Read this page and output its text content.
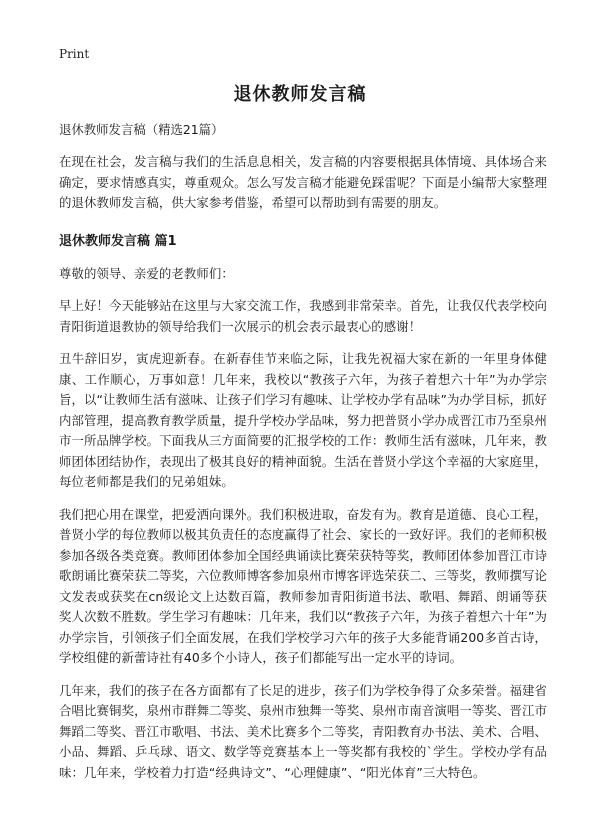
Print
退休教师发言稿

退休教师发言稿（精选21篇）

在现在社会，发言稿与我们的生活息息相关，发言稿的内容要根据具体情境、具体场合来确定，要求情感真实，尊重观众。怎么写发言稿才能避免踩雷呢？下面是小编帮大家整理的退休教师发言稿，供大家参考借鉴，希望可以帮助到有需要的朋友。

退休教师发言稿 篇1

尊敬的领导、亲爱的老教师们：

早上好！今天能够站在这里与大家交流工作，我感到非常荣幸。首先，让我仅代表学校向青阳街道退教协的领导给我们一次展示的机会表示最衷心的感谢！

丑牛辞旧岁，寅虎迎新春。在新春佳节来临之际，让我先祝福大家在新的一年里身体健康、工作顺心，万事如意！几年来，我校以“教孩子六年，为孩子着想六十年”为办学宗旨，以“让教师生活有滋味、让孩子们学习有趣味、让学校办学有品味”为办学目标，抓好内部管理，提高教育教学质量，提升学校办学品味，努力把普贤小学办成晋江市乃至泉州市一所品牌学校。下面我从三方面简要的汇报学校的工作：教师生活有滋味，几年来，教师团体团结协作，表现出了极其良好的精神面貌。生活在普贤小学这个幸福的大家庭里，每位老师都是我们的兄弟姐妹。

我们把心用在课堂，把爱洒向课外。我们积极进取，奋发有为。教育是道德、良心工程，普贤小学的每位教师以极其负责任的态度赢得了社会、家长的一致好评。我们的老师积极参加各级各类竞赛。教师团体参加全国经典诵读比赛荣获特等奖，教师团体参加晋江市诗歌朗诵比赛荣获二等奖，六位教师博客参加泉州市博客评选荣获二、三等奖，教师撰写论文发表或获奖在cn级论文上达数百篇，教师参加青阳街道书法、歌唱、舞蹈、朗诵等获奖人次数不胜数。学生学习有趣味：几年来，我们以“教孩子六年，为孩子着想六十年”为办学宗旨，引领孩子们全面发展，在我们学校学习六年的孩子大多能背诵200多首古诗，学校组健的新蕾诗社有40多个小诗人，孩子们都能写出一定水平的诗词。

几年来，我们的孩子在各方面都有了长足的进步，孩子们为学校争得了众多荣誉。福建省合唱比赛铜奖，泉州市群舞二等奖、泉州市独舞一等奖、泉州市南音演唱一等奖、晋江市舞蹈二等奖、晋江市歌唱、书法、美术比赛多个二等奖，青阳教育办书法、美术、合唱、小品、舞蹈、乒乓球、语文、数学等竞赛基本上一等奖都有我校的`学生。学校办学有品味：几年来，学校着力打造“经典诗文”、“心理健康”、“阳光体育”三大特色。
